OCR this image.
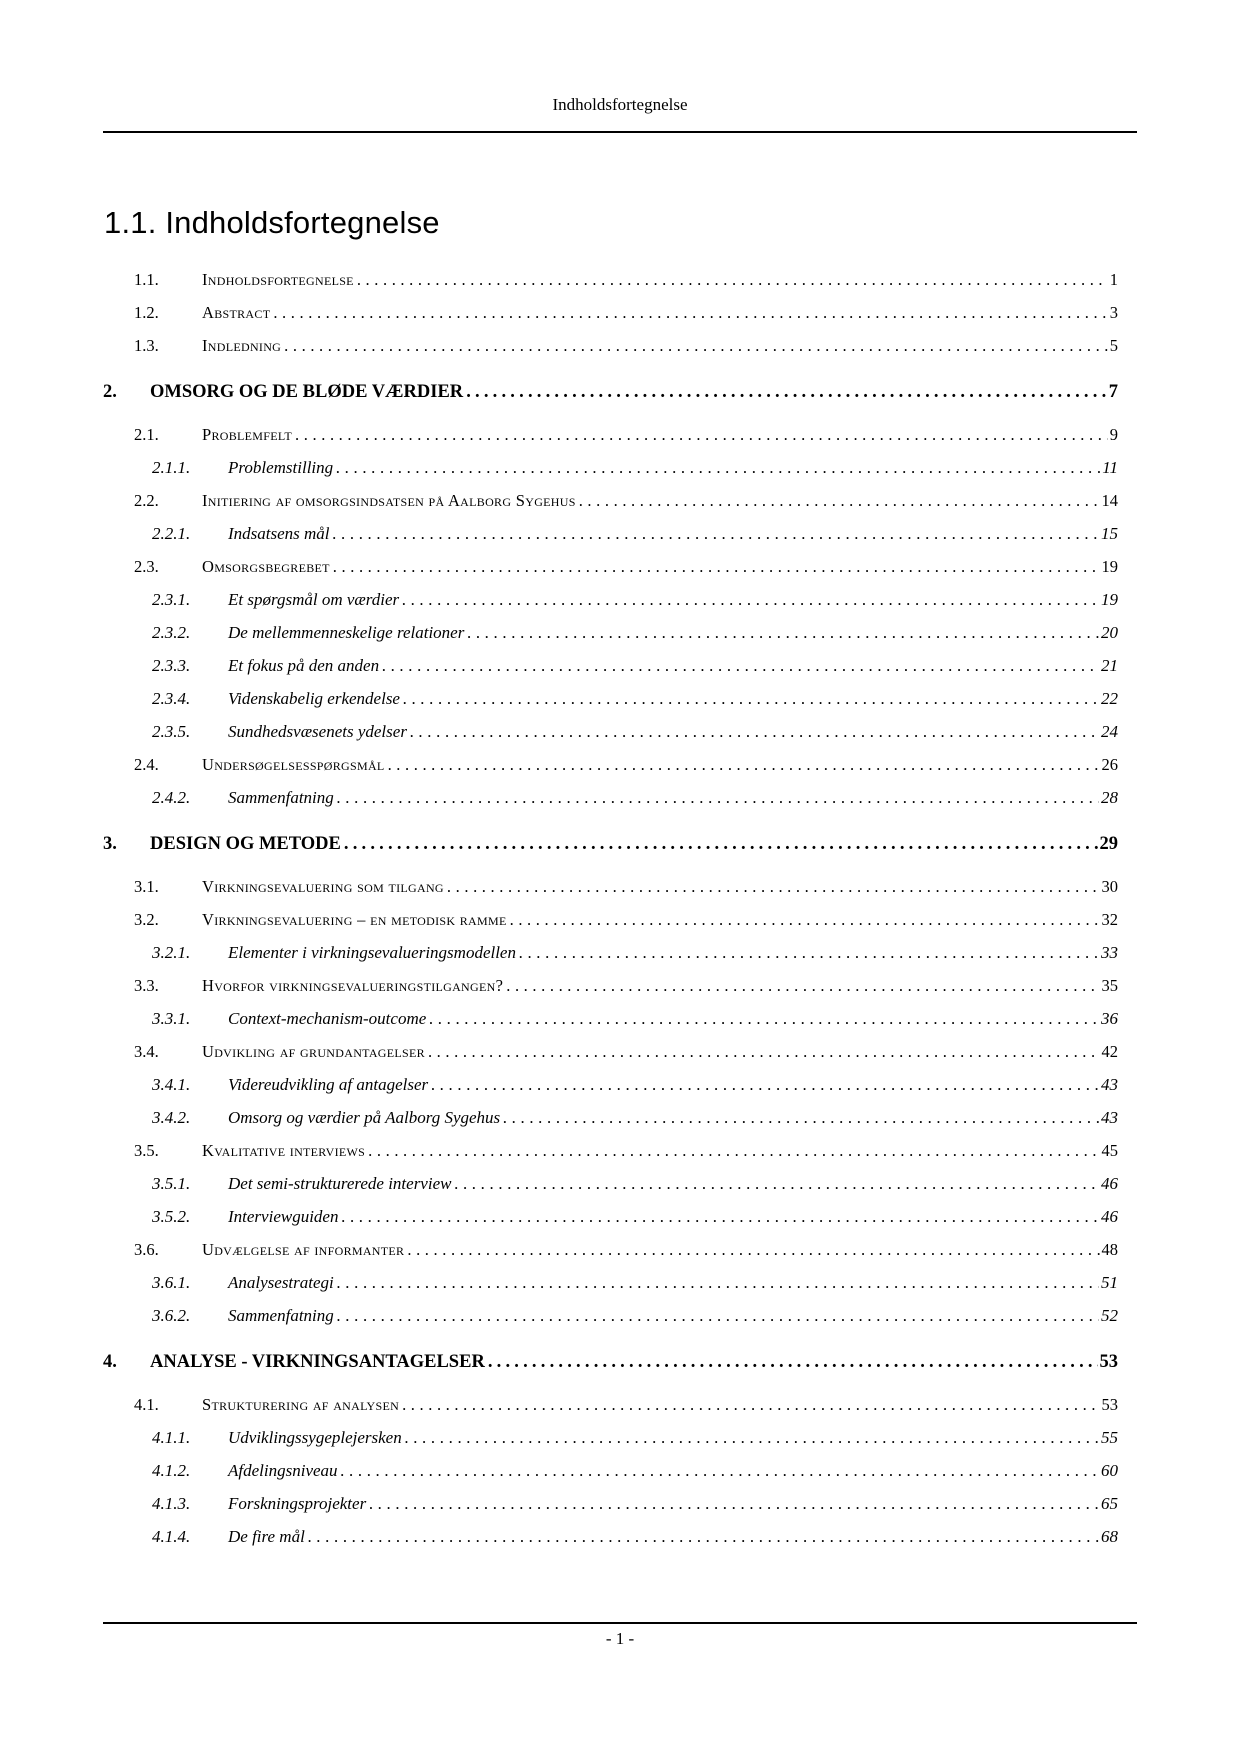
Indholdsfortegnelse
1.1. Indholdsfortegnelse
1.1.	Indholdsfortegnelse .....	1
1.2.	Abstract .....	3
1.3.	Indledning .....	5
2.	OMSORG OG DE BLØDE VÆRDIER .....	7
2.1.	Problemfelt .....	9
2.1.1.	Problemstilling .....	11
2.2.	Initiering af omsorgsindsatsen på Aalborg Sygehus .....	14
2.2.1.	Indsatsens mål .....	15
2.3.	Omsorgsbegrebet .....	19
2.3.1.	Et spørgsmål om værdier .....	19
2.3.2.	De mellemmenneskelige relationer .....	20
2.3.3.	Et fokus på den anden .....	21
2.3.4.	Videnskabelig erkendelse .....	22
2.3.5.	Sundhedsvæsenets ydelser .....	24
2.4.	Undersøgelsesspørgsmål .....	26
2.4.2.	Sammenfatning .....	28
3.	DESIGN OG METODE .....	29
3.1.	Virkningsevaluering som tilgang .....	30
3.2.	Virkningsevaluering – en metodisk ramme .....	32
3.2.1.	Elementer i virkningsevalueringsmodellen .....	33
3.3.	Hvorfor virkningsevalueringstilgangen? .....	35
3.3.1.	Context-mechanism-outcome .....	36
3.4.	Udvikling af grundantagelser .....	42
3.4.1.	Videreudvikling af antagelser .....	43
3.4.2.	Omsorg og værdier på Aalborg Sygehus .....	43
3.5.	Kvalitative interviews .....	45
3.5.1.	Det semi-strukturerede interview .....	46
3.5.2.	Interviewguiden .....	46
3.6.	Udvælgelse af informanter .....	48
3.6.1.	Analysestrategi .....	51
3.6.2.	Sammenfatning .....	52
4.	ANALYSE - VIRKNINGSANTAGELSER .....	53
4.1.	Strukturering af analysen .....	53
4.1.1.	Udviklingssygeplejersken .....	55
4.1.2.	Afdelingsniveau .....	60
4.1.3.	Forskningsprojekter .....	65
4.1.4.	De fire mål .....	68
- 1 -
